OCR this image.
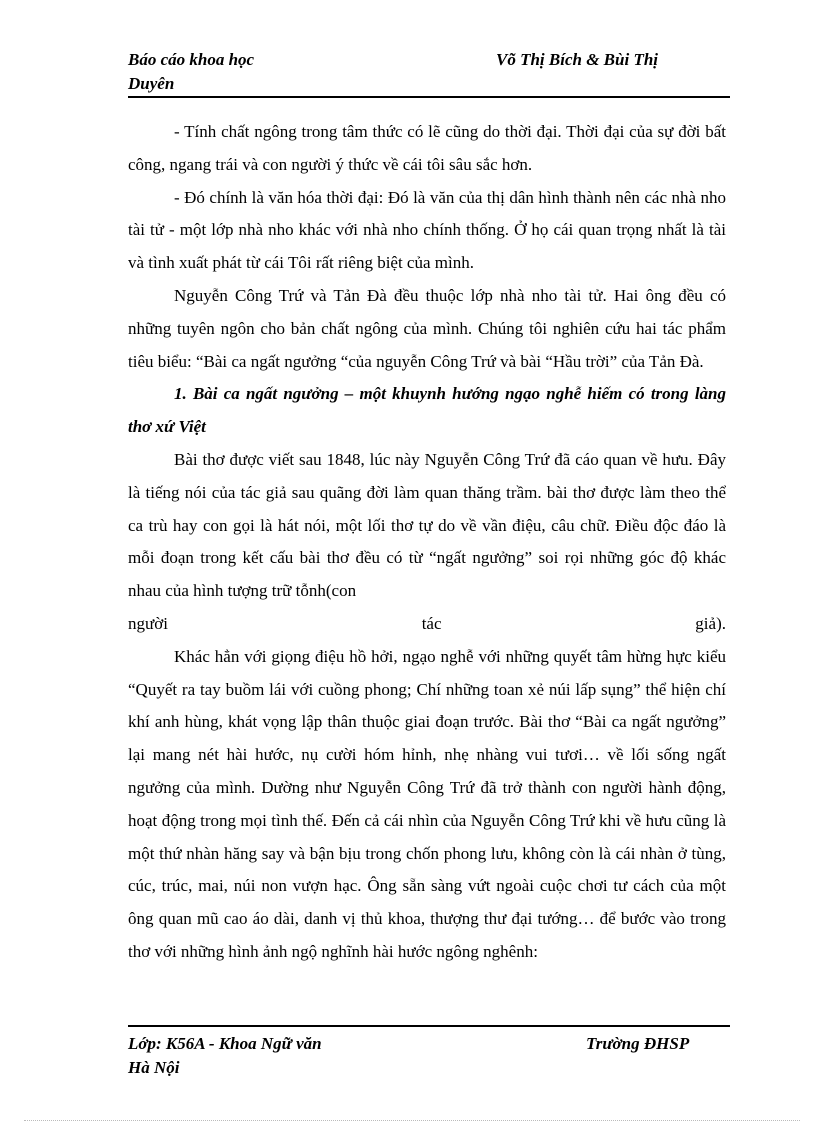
Báo cáo khoa học	Võ Thị Bích & Bùi Thị
Duyên

- Tính chất ngông trong tâm thức có lẽ cũng do thời đại. Thời đại của sự đời bất công, ngang trái và con người ý thức về cái tôi sâu sắc hơn.

- Đó chính là văn hóa thời đại: Đó là văn của thị dân hình thành nên các nhà nho tài tử - một lớp nhà nho khác với nhà nho chính thống. Ở họ cái quan trọng nhất là tài và tình xuất phát từ cái Tôi rất riêng biệt của mình.

Nguyễn Công Trứ và Tản Đà đều thuộc lớp nhà nho tài tử. Hai ông đều có những tuyên ngôn cho bản chất ngông của mình. Chúng tôi nghiên cứu hai tác phẩm tiêu biểu: “Bài ca ngất ngưởng “của nguyễn Công Trứ và bài “Hầu trời” của Tản Đà.

1. Bài ca ngất ngưởng – một khuynh hướng ngạo nghễ hiếm có trong làng thơ xứ Việt

Bài thơ được viết sau 1848, lúc này Nguyễn Công Trứ đã cáo quan về hưu. Đây là tiếng nói của tác giả sau quãng đời làm quan thăng trầm. bài thơ được làm theo thể ca trù hay con gọi là hát nói, một lối thơ tự do về vần điệu, câu chữ. Điều độc đáo là mỗi đoạn trong kết cấu bài thơ đều có từ “ngất ngưởng” soi rọi những góc độ khác nhau của hình tượng trữ tỗnh(con

người	tác	giả).

Khác hẳn với giọng điệu hồ hởi, ngạo nghễ với những quyết tâm hừng hực kiểu “Quyết ra tay buồm lái với cuồng phong; Chí những toan xẻ núi lấp sụng” thể hiện chí khí anh hùng, khát vọng lập thân thuộc giai đoạn trước. Bài thơ “Bài ca ngất ngưởng” lại mang nét hài hước, nụ cười hóm hỉnh, nhẹ nhàng vui tươi… về lối sống ngất ngưởng của mình. Dường như Nguyễn Công Trứ đã trở thành con người hành động, hoạt động trong mọi tình thế. Đến cả cái nhìn của Nguyễn Công Trứ khi về hưu cũng là một thứ nhàn hăng say và bận bịu trong chốn phong lưu, không còn là cái nhàn ở tùng, cúc, trúc, mai, núi non vượn hạc. Ông sẵn sàng vứt ngoài cuộc chơi tư cách của một ông quan mũ cao áo dài, danh vị thủ khoa, thượng thư đại tướng… để bước vào trong thơ với những hình ảnh ngộ nghĩnh hài hước ngông nghênh:

Lớp: K56A - Khoa Ngữ văn	Trường ĐHSP
Hà Nội
